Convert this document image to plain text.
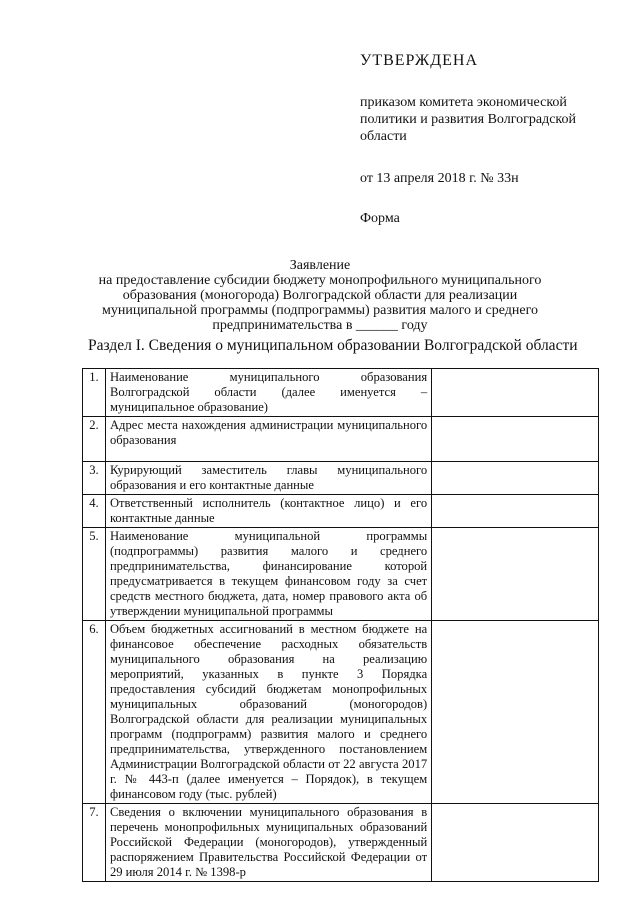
УТВЕРЖДЕНА

приказом комитета экономической политики и развития Волгоградской области

от 13 апреля 2018 г. № 33н
Форма
Заявление
на предоставление субсидии бюджету монопрофильного муниципального образования (моногорода) Волгоградской области для реализации муниципальной программы (подпрограммы) развития малого и среднего предпринимательства в ______ году
Раздел I. Сведения о муниципальном образовании Волгоградской области
1.	Наименование муниципального образования Волгоградской области (далее именуется – муниципальное образование)	
2.	Адрес места нахождения администрации муниципального образования	
3.	Курирующий заместитель главы муниципального образования и его контактные данные	
4.	Ответственный исполнитель (контактное лицо) и его контактные данные	
5.	Наименование муниципальной программы (подпрограммы) развития малого и среднего предпринимательства, финансирование которой предусматривается в текущем финансовом году за счет средств местного бюджета, дата, номер правового акта об утверждении муниципальной программы	
6.	Объем бюджетных ассигнований в местном бюджете на финансовое обеспечение расходных обязательств муниципального образования на реализацию мероприятий, указанных в пункте 3 Порядка предоставления субсидий бюджетам монопрофильных муниципальных образований (моногородов) Волгоградской области для реализации муниципальных программ (подпрограмм) развития малого и среднего предпринимательства, утвержденного постановлением Администрации Волгоградской области от 22 августа 2017 г. № 443-п (далее именуется – Порядок), в текущем финансовом году (тыс. рублей)	
7.	Сведения о включении муниципального образования в перечень монопрофильных муниципальных образований Российской Федерации (моногородов), утвержденный распоряжением Правительства Российской Федерации от 29 июля 2014 г. № 1398-р	
